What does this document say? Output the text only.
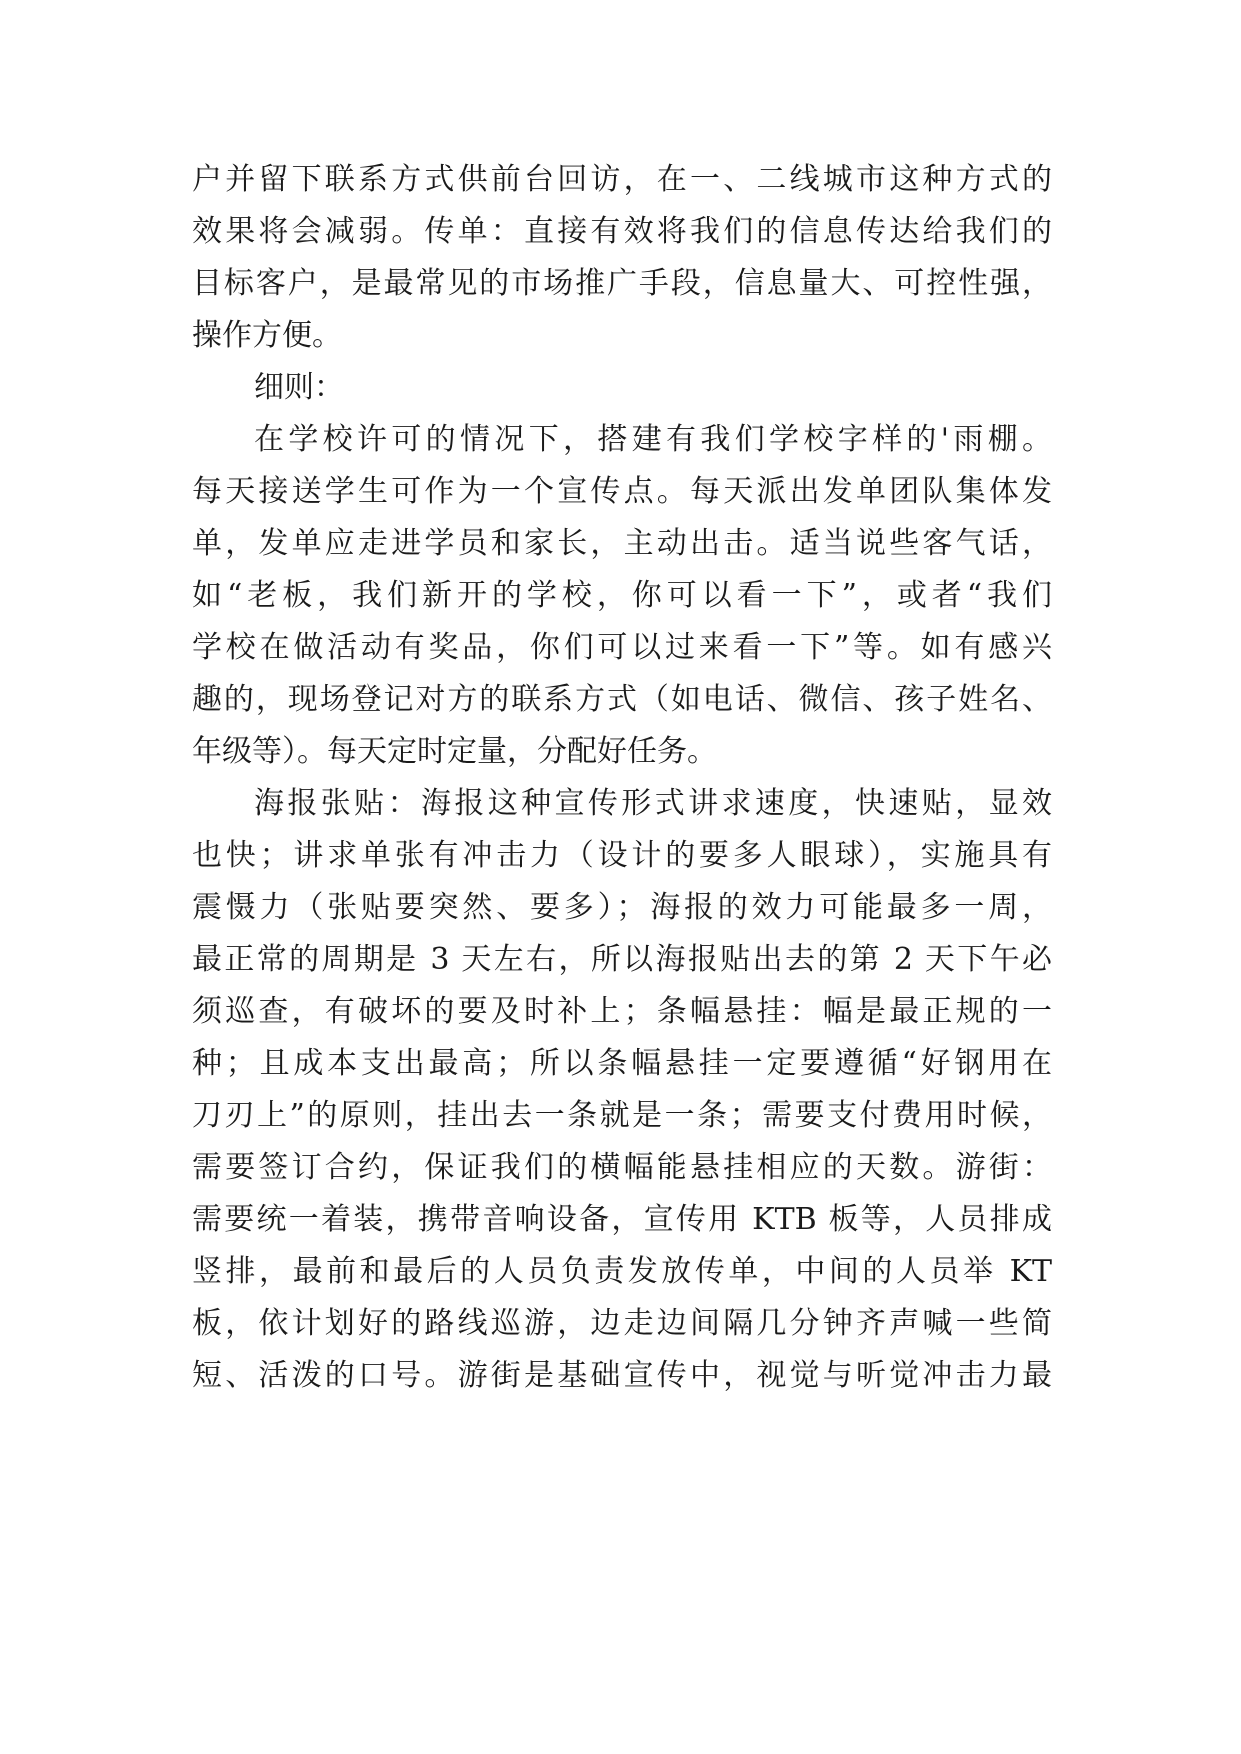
户并留下联系方式供前台回访，在一、二线城市这种方式的
效果将会减弱。传单：直接有效将我们的信息传达给我们的
目标客户，是最常见的市场推广手段，信息量大、可控性强，
操作方便。
细则：
在学校许可的情况下，搭建有我们学校字样的'雨棚。
每天接送学生可作为一个宣传点。每天派出发单团队集体发
单，发单应走进学员和家长，主动出击。适当说些客气话，
如“老板，我们新开的学校，你可以看一下”，或者“我们
学校在做活动有奖品，你们可以过来看一下”等。如有感兴
趣的，现场登记对方的联系方式（如电话、微信、孩子姓名、
年级等）。每天定时定量，分配好任务。
海报张贴：海报这种宣传形式讲求速度，快速贴，显效
也快；讲求单张有冲击力（设计的要多人眼球），实施具有
震慑力（张贴要突然、要多）；海报的效力可能最多一周，
最正常的周期是 3 天左右，所以海报贴出去的第 2 天下午必
须巡查，有破坏的要及时补上；条幅悬挂：幅是最正规的一
种；且成本支出最高；所以条幅悬挂一定要遵循“好钢用在
刀刃上”的原则，挂出去一条就是一条；需要支付费用时候，
需要签订合约，保证我们的横幅能悬挂相应的天数。游街：
需要统一着装，携带音响设备，宣传用 KTB 板等，人员排成
竖排，最前和最后的人员负责发放传单，中间的人员举 KT
板，依计划好的路线巡游，边走边间隔几分钟齐声喊一些简
短、活泼的口号。游街是基础宣传中，视觉与听觉冲击力最
